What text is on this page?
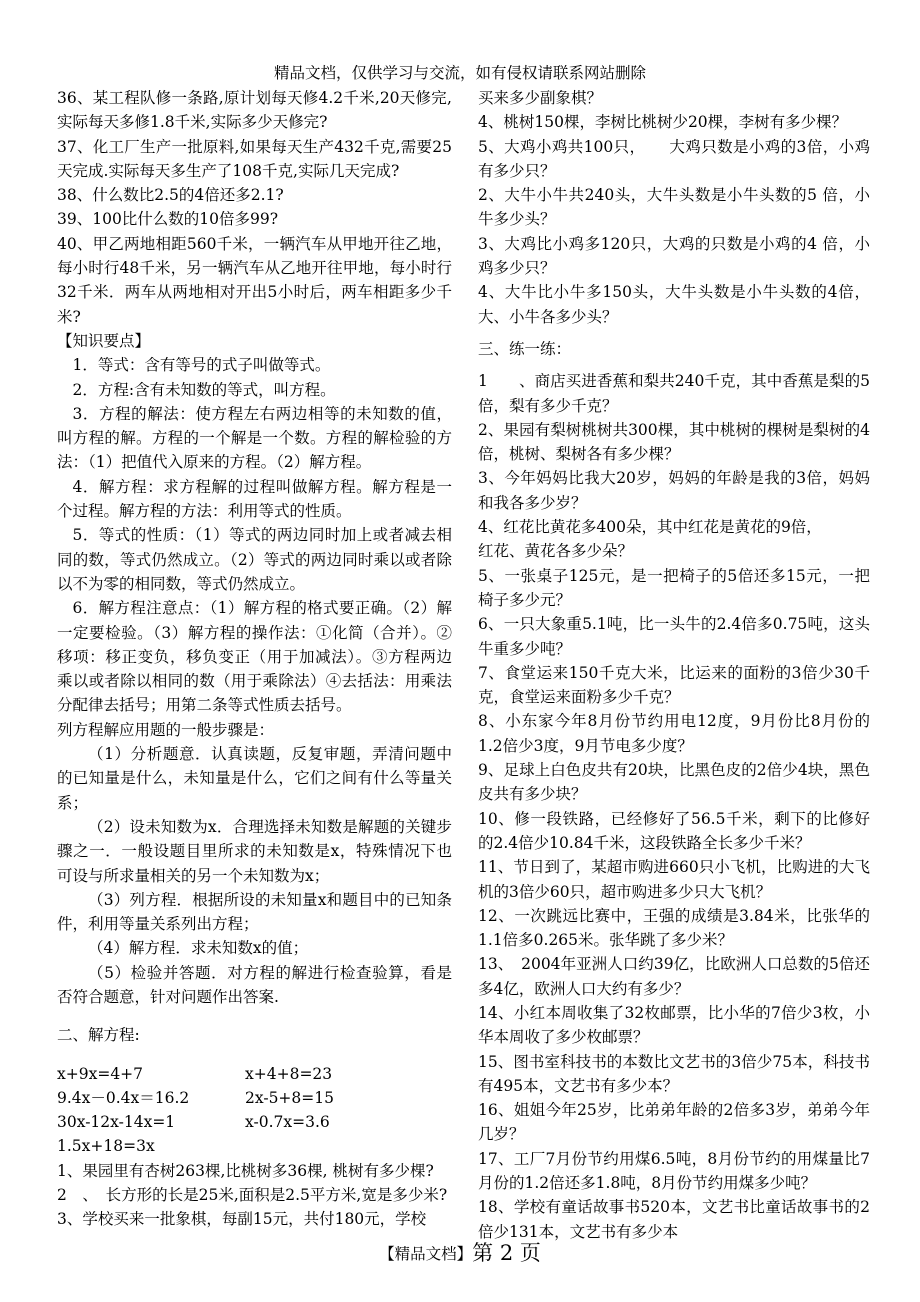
精品文档，仅供学习与交流，如有侵权请联系网站删除

36、某工程队修一条路,原计划每天修4.2千米,20天修完,实际每天多修1.8千米,实际多少天修完?

37、化工厂生产一批原料,如果每天生产432千克,需要25天完成.实际每天多生产了108千克,实际几天完成?

38、什么数比2.5的4倍还多2.1?

39、100比什么数的10倍多99?

40、甲乙两地相距560千米，一辆汽车从甲地开往乙地，每小时行48千米，另一辆汽车从乙地开往甲地，每小时行32千米．两车从两地相对开出5小时后，两车相距多少千米?

【知识要点】

1．等式：含有等号的式子叫做等式。

2．方程:含有未知数的等式，叫方程。

3．方程的解法：使方程左右两边相等的未知数的值，叫方程的解。方程的一个解是一个数。方程的解检验的方法：（1）把值代入原来的方程。（2）解方程。

4．解方程：求方程解的过程叫做解方程。解方程是一个过程。解方程的方法：利用等式的性质。

5．等式的性质：（1）等式的两边同时加上或者减去相同的数，等式仍然成立。（2）等式的两边同时乘以或者除以不为零的相同数，等式仍然成立。

6．解方程注意点：（1）解方程的格式要正确。（2）解一定要检验。（3）解方程的操作法：①化简（合并）。②移项：移正变负，移负变正（用于加减法）。③方程两边乘以或者除以相同的数（用于乘除法）④去括法：用乘法分配律去括号；用第二条等式性质去括号。

列方程解应用题的一般步骤是：

（1）分析题意．认真读题，反复审题，弄清问题中的已知量是什么，未知量是什么，它们之间有什么等量关系；

（2）设未知数为x．合理选择未知数是解题的关键步骤之一．一般设题目里所求的未知数是x，特殊情况下也可设与所求量相关的另一个未知数为x；

（3）列方程．根据所设的未知量x和题目中的已知条件，利用等量关系列出方程；

（4）解方程．求未知数x的值；

（5）检验并答题．对方程的解进行检查验算，看是否符合题意，针对问题作出答案.

二、解方程:

x+9x=4+7	x+4+8=23

9.4x－0.4x＝16.2	2x-5+8=15

30x-12x-14x=1	x-0.7x=3.6

1.5x+18=3x

1、果园里有杏树263棵,比桃树多36棵, 桃树有多少棵?

2　、　长方形的长是25米,面积是2.5平方米,宽是多少米?

3、学校买来一批象棋，每副15元，共付180元，学校

买来多少副象棋？

4、桃树150棵，李树比桃树少20棵，李树有多少棵？

5、大鸡小鸡共100只，　　大鸡只数是小鸡的3倍，小鸡有多少只？

2、大牛小牛共240头，大牛头数是小牛头数的5 倍，小牛多少头？

3、大鸡比小鸡多120只，大鸡的只数是小鸡的4 倍，小鸡多少只？

4、大牛比小牛多150头，大牛头数是小牛头数的4倍，大、小牛各多少头？

三、练一练：

1　　、商店买进香蕉和梨共240千克，其中香蕉是梨的5倍，梨有多少千克？

2、果园有梨树桃树共300棵，其中桃树的棵树是梨树的4倍，桃树、梨树各有多少棵？

3、今年妈妈比我大20岁，妈妈的年龄是我的3倍，妈妈和我各多少岁？

4、红花比黄花多400朵，其中红花是黄花的9倍，

红花、黄花各多少朵？

5、一张桌子125元，是一把椅子的5倍还多15元，一把椅子多少元？

6、一只大象重5.1吨，比一头牛的2.4倍多0.75吨，这头牛重多少吨？

7、食堂运来150千克大米，比运来的面粉的3倍少30千克，食堂运来面粉多少千克？

8、小东家今年8月份节约用电12度，9月份比8月份的1.2倍少3度，9月节电多少度？

9、足球上白色皮共有20块，比黑色皮的2倍少4块，黑色皮共有多少块？

10、修一段铁路，已经修好了56.5千米，剩下的比修好的2.4倍少10.84千米，这段铁路全长多少千米？

11、节日到了，某超市购进660只小飞机，比购进的大飞机的3倍少60只，超市购进多少只大飞机？

12、一次跳远比赛中，王强的成绩是3.84米，比张华的1.1倍多0.265米。张华跳了多少米？

13、　2004年亚洲人口约39亿，比欧洲人口总数的5倍还多4亿，欧洲人口大约有多少？

14、小红本周收集了32枚邮票，比小华的7倍少3枚，小华本周收了多少枚邮票？

15、图书室科技书的本数比文艺书的3倍少75本，科技书有495本，文艺书有多少本？

16、姐姐今年25岁，比弟弟年龄的2倍多3岁，弟弟今年几岁？

17、工厂7月份节约用煤6.5吨，8月份节约的用煤量比7月份的1.2倍还多1.8吨，8月份节约用煤多少吨？

18、学校有童话故事书520本，文艺书比童话故事书的2倍少131本，文艺书有多少本

【精品文档】第 2 页
